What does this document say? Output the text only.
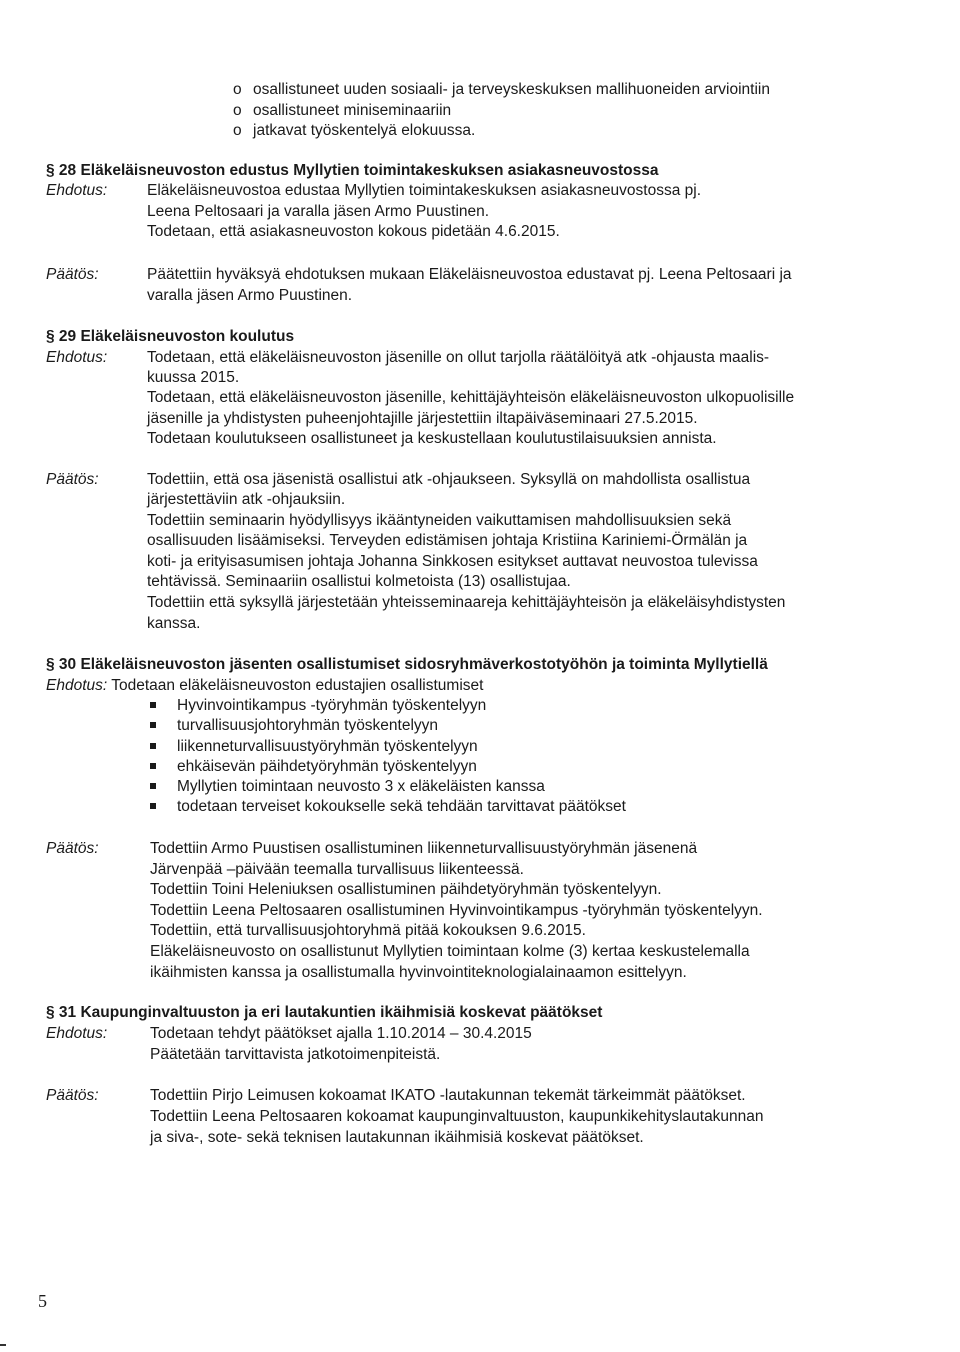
o osallistuneet uuden sosiaali- ja terveyskeskuksen mallihuoneiden arviointiin
o osallistuneet miniseminaariin
o jatkavat työskentelyä elokuussa.
§ 28 Eläkeläisneuvoston edustus Myllytien toimintakeskuksen asiakasneuvostossa
Ehdotus:	Eläkeläisneuvostoa edustaa Myllytien toimintakeskuksen asiakasneuvostossa pj.
Leena Peltosaari ja varalla jäsen Armo Puustinen.
Todetaan, että asiakasneuvoston kokous pidetään 4.6.2015.
Päätös:	Päätettiin hyväksyä ehdotuksen mukaan Eläkeläisneuvostoa edustavat pj. Leena Peltosaari ja
varalla jäsen Armo Puustinen.
§ 29 Eläkeläisneuvoston koulutus
Ehdotus:	Todetaan, että eläkeläisneuvoston jäsenille on ollut tarjolla räätälöityä atk -ohjausta maalis-
kuussa 2015.
Todetaan, että eläkeläisneuvoston jäsenille, kehittäjäyhteisön eläkeläisneuvoston ulkopuolisille
jäsenille ja yhdistysten puheenjohtajille järjestettiin iltapäiväseminaari 27.5.2015.
Todetaan koulutukseen osallistuneet ja keskustellaan koulutustilaisuuksien annista.
Päätös:	Todettiin, että osa jäsenistä osallistui atk -ohjaukseen. Syksyllä on mahdollista osallistua
järjestettäviin atk -ohjauksiin.
Todettiin seminaarin hyödyllisyys ikääntyneiden vaikuttamisen mahdollisuuksien sekä
osallisuuden lisäämiseksi. Terveyden edistämisen johtaja Kristiina Kariniemi-Örmälän ja
koti- ja erityisasumisen johtaja Johanna Sinkkosen esitykset auttavat neuvostoa tulevissa
tehtävissä. Seminaariin osallistui kolmetoista (13) osallistujaa.
Todettiin että syksyllä järjestetään yhteisseminaareja kehittäjäyhteisön ja eläkeläisyhdistysten
kanssa.
§ 30 Eläkeläisneuvoston jäsenten osallistumiset sidosryhmäverkostotyöhön ja toiminta Myllytiellä
Ehdotus: Todetaan eläkeläisneuvoston edustajien osallistumiset
Hyvinvointikampus -työryhmän työskentelyyn
turvallisuusjohtoryhmän työskentelyyn
liikenneturvallisuustyöryhmän työskentelyyn
ehkäisevän päihdetyöryhmän työskentelyyn
Myllytien toimintaan neuvosto 3 x eläkeläisten kanssa
todetaan terveiset kokoukselle sekä tehdään tarvittavat päätökset
Päätös:	Todettiin Armo Puustisen osallistuminen liikenneturvallisuustyöryhmän jäsenenä
Järvenpää –päivään teemalla turvallisuus liikenteessä.
Todettiin Toini Heleniuksen osallistuminen päihdetyöryhmän työskentelyyn.
Todettiin Leena Peltosaaren osallistuminen Hyvinvointikampus -työryhmän työskentelyyn.
Todettiin, että turvallisuusjohtoryhmä pitää kokouksen 9.6.2015.
Eläkeläisneuvosto on osallistunut Myllytien toimintaan kolme (3) kertaa keskustelemalla
ikäihmisten kanssa ja osallistumalla hyvinvointiteknologialainaamon esittelyyn.
§ 31 Kaupunginvaltuuston ja eri lautakuntien ikäihmisiä koskevat päätökset
Ehdotus:	Todetaan tehdyt päätökset ajalla 1.10.2014 – 30.4.2015
Päätetään tarvittavista jatkotoimenpiteistä.
Päätös:	Todettiin Pirjo Leimusen kokoamat IKATO -lautakunnan tekemät tärkeimmät päätökset.
Todettiin Leena Peltosaaren kokoamat kaupunginvaltuuston, kaupunkikehityslautakunnan
ja siva-, sote- sekä teknisen lautakunnan ikäihmisiä koskevat päätökset.
5
